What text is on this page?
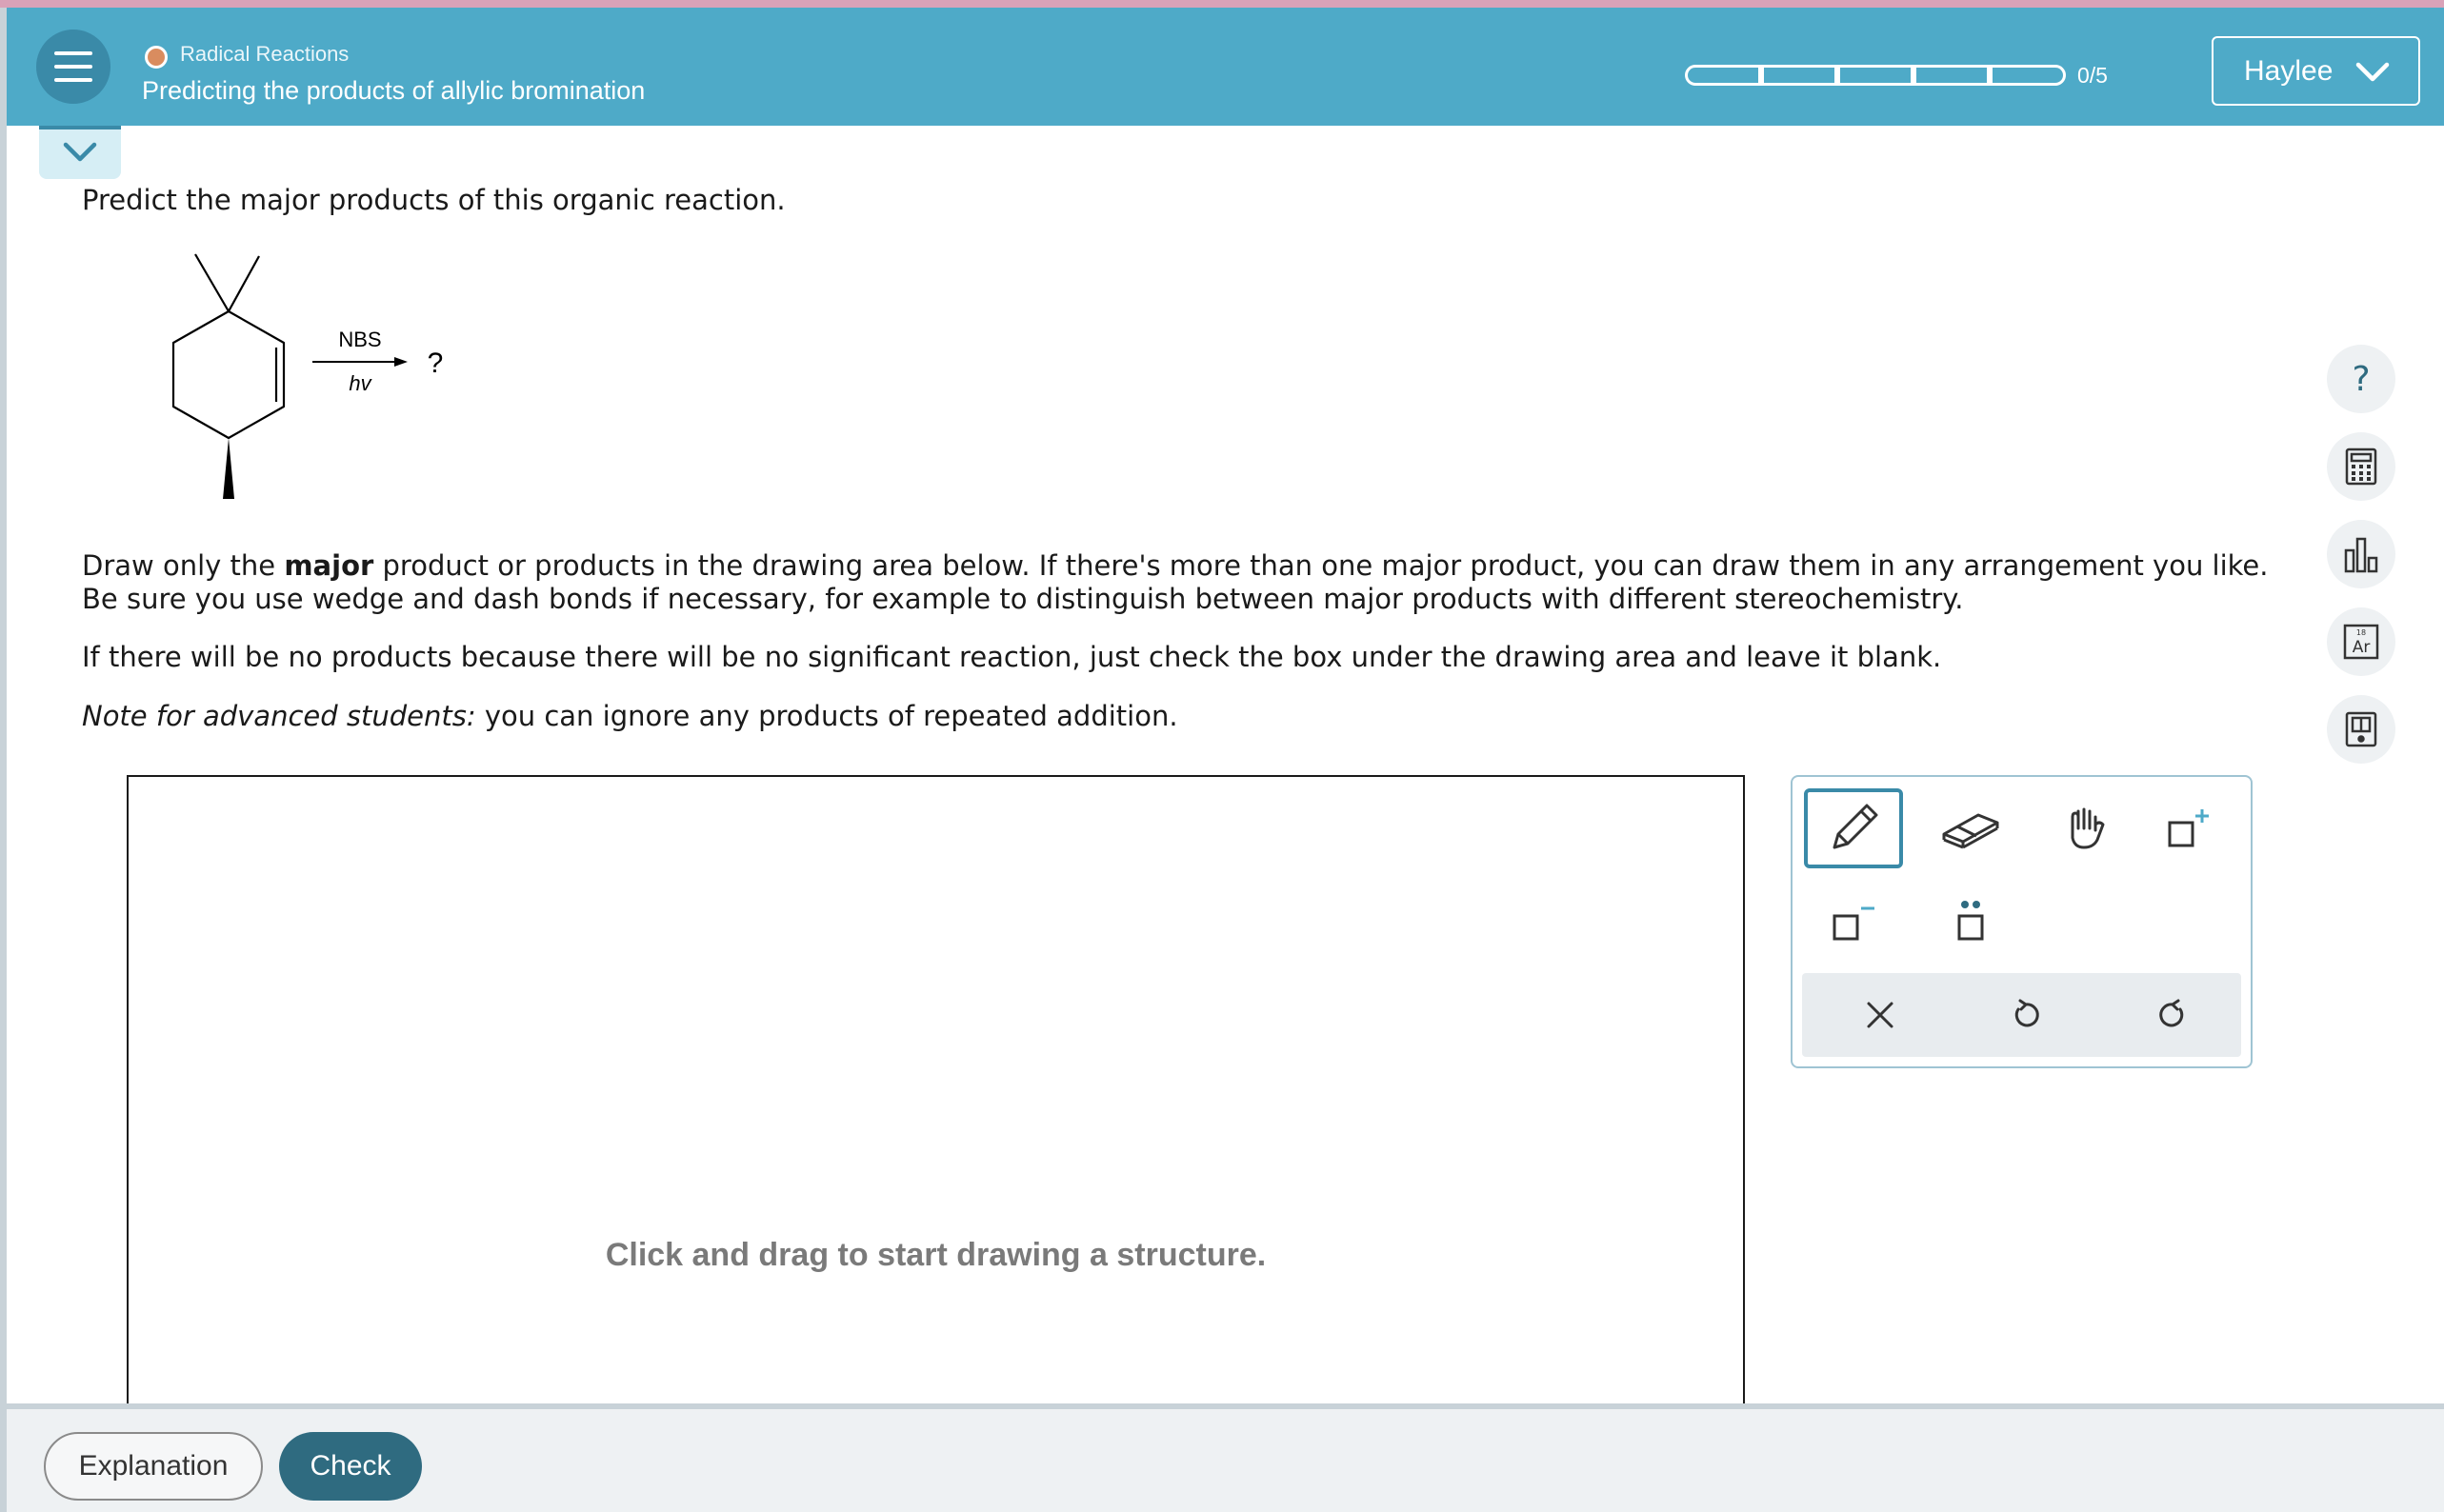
Radical Reactions
Predicting the products of allylic bromination
0/5	Haylee
Predict the major products of this organic reaction.
NBS
hv
?
Draw only the major product or products in the drawing area below. If there's more than one major product, you can draw them in any arrangement you like.
Be sure you use wedge and dash bonds if necessary, for example to distinguish between major products with different stereochemistry.
If there will be no products because there will be no significant reaction, just check the box under the drawing area and leave it blank.
Note for advanced students: you can ignore any products of repeated addition.
Click and drag to start drawing a structure.
?
18
Ar
Explanation	Check
